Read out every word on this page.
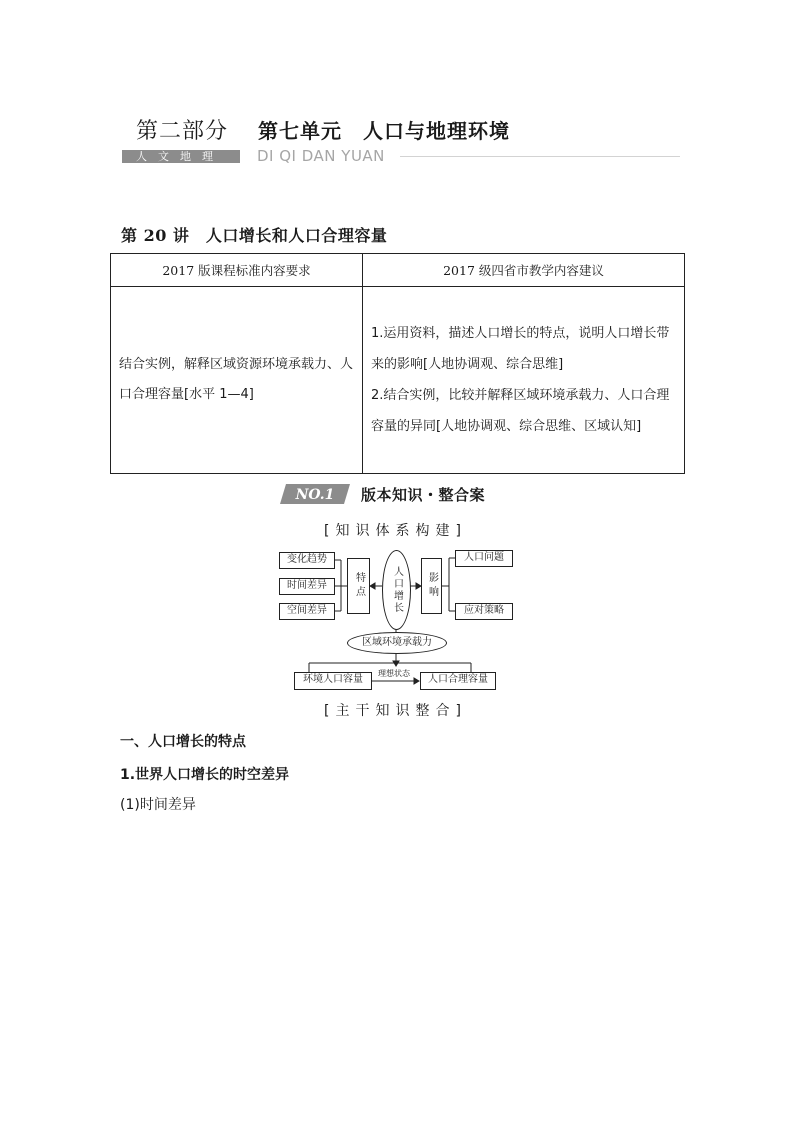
第二部分 第七单元　人口与地理环境
人文地理	DI QI DAN YUAN
第 20 讲　人口增长和人口合理容量
2017 版课程标准内容要求	2017 级四省市教学内容建议
结合实例，解释区域资源环境承载力、人口合理容量[水平 1—4]	1.运用资料，描述人口增长的特点，说明人口增长带来的影响[人地协调观、综合思维]
2.结合实例，比较并解释区域环境承载力、人口合理容量的异同[人地协调观、综合思维、区域认知]
NO.1 版本知识・整合案
[知识体系构建]
变化趋势
时间差异
空间差异
特点	人口增长	影响
人口问题
应对策略
区域环境承载力
环境人口容量
理想状态
人口合理容量
[主干知识整合]
一、人口增长的特点
1.世界人口增长的时空差异
(1)时间差异
